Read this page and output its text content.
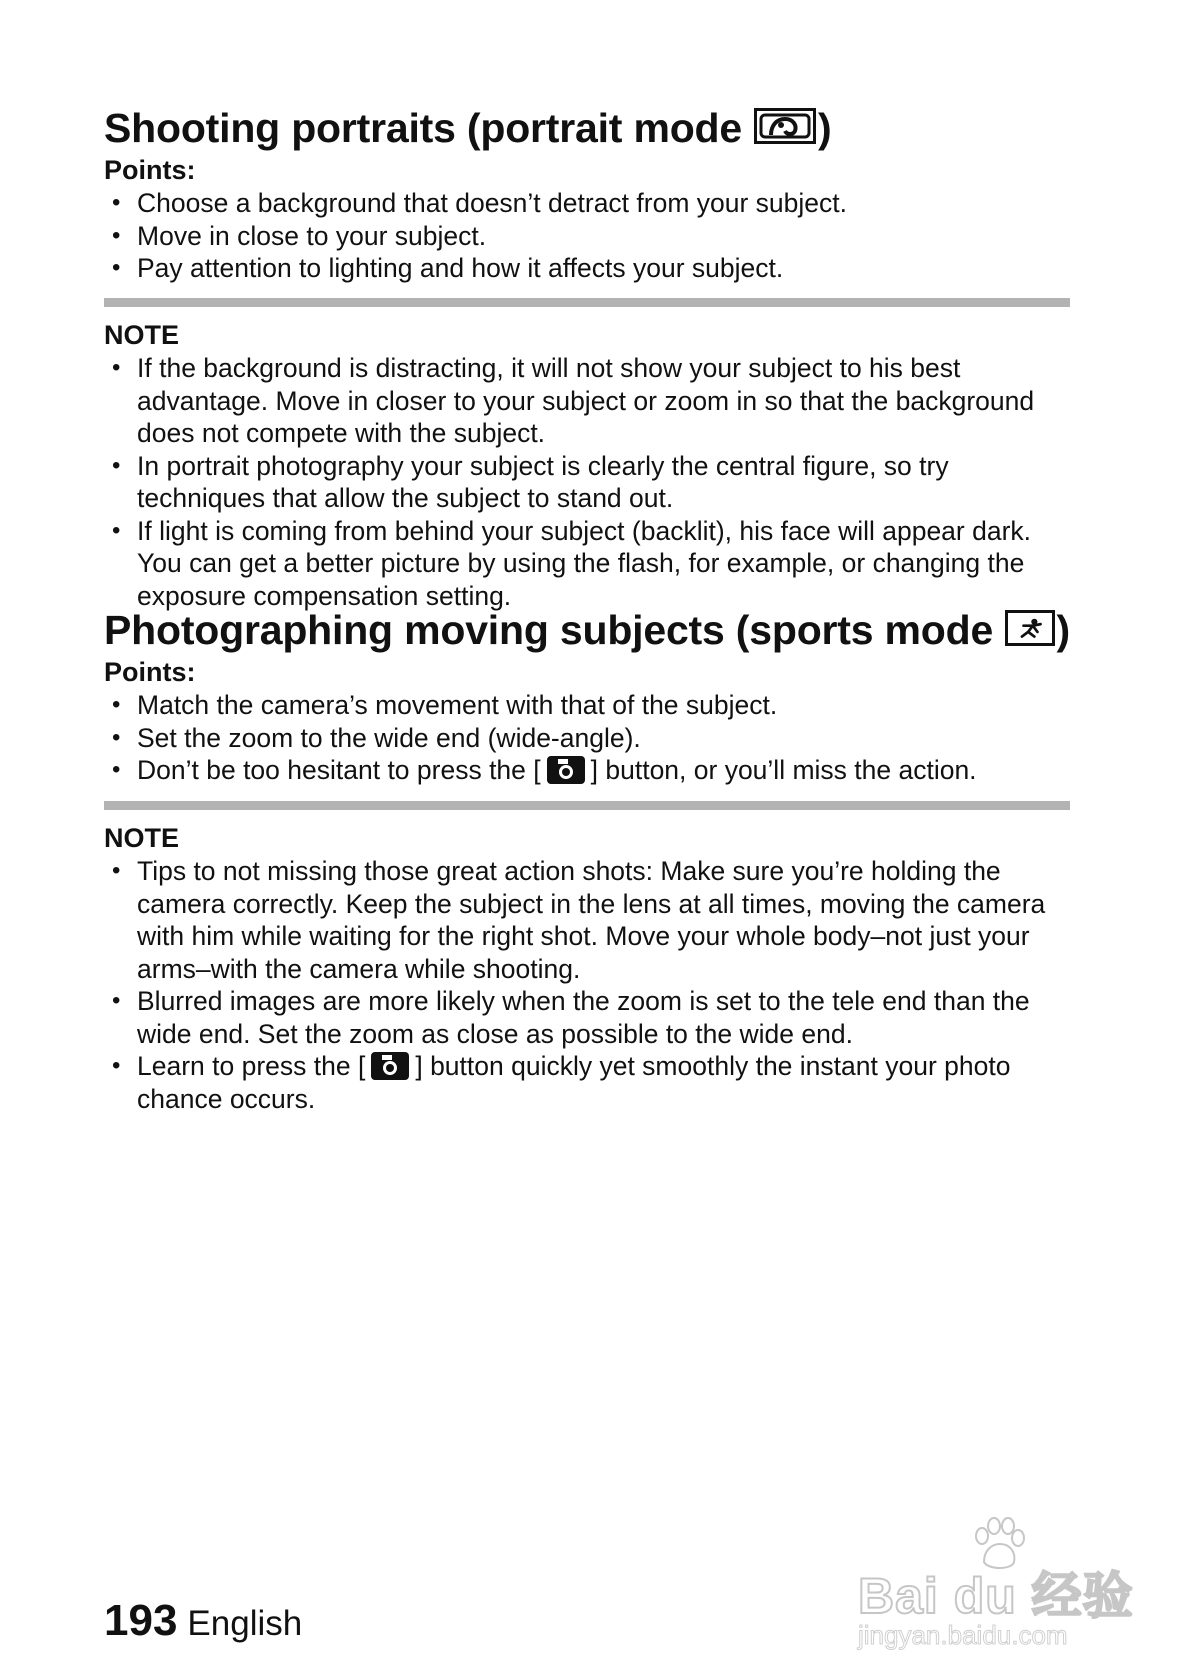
Shooting portraits (portrait mode )
Points:
• Choose a background that doesn’t detract from your subject.
• Move in close to your subject.
• Pay attention to lighting and how it affects your subject.
NOTE
• If the background is distracting, it will not show your subject to his best advantage. Move in closer to your subject or zoom in so that the background does not compete with the subject.
• In portrait photography your subject is clearly the central figure, so try techniques that allow the subject to stand out.
• If light is coming from behind your subject (backlit), his face will appear dark. You can get a better picture by using the flash, for example, or changing the exposure compensation setting.
Photographing moving subjects (sports mode )
Points:
• Match the camera’s movement with that of the subject.
• Set the zoom to the wide end (wide-angle).
• Don’t be too hesitant to press the [ ] button, or you’ll miss the action.
NOTE
• Tips to not missing those great action shots: Make sure you’re holding the camera correctly. Keep the subject in the lens at all times, moving the camera with him while waiting for the right shot. Move your whole body–not just your arms–with the camera while shooting.
• Blurred images are more likely when the zoom is set to the tele end than the wide end. Set the zoom as close as possible to the wide end.
• Learn to press the [ ] button quickly yet smoothly the instant your photo chance occurs.
193 English	Bai du 经验
jingyan.baidu.com
